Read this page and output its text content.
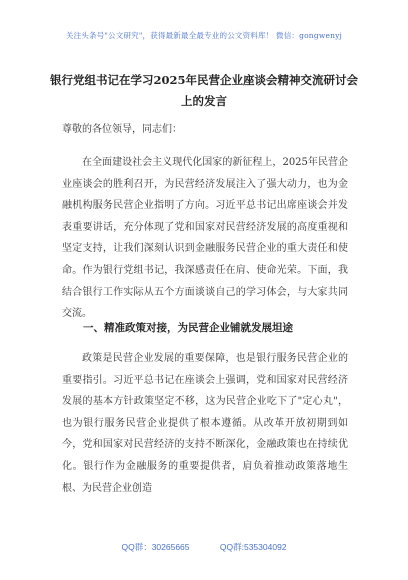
关注头条号"公文研究"，获得最新最全最专业的公文资料库！ 微信：gongwenyj
银行党组书记在学习2025年民营企业座谈会精神交流研讨会上的发言
尊敬的各位领导，同志们：

在全面建设社会主义现代化国家的新征程上，2025年民营企业座谈会的胜利召开，为民营经济发展注入了强大动力，也为金融机构服务民营企业指明了方向。习近平总书记出席座谈会并发表重要讲话，充分体现了党和国家对民营经济发展的高度重视和坚定支持，让我们深刻认识到金融服务民营企业的重大责任和使命。作为银行党组书记，我深感责任在肩、使命光荣。下面，我结合银行工作实际从五个方面谈谈自己的学习体会，与大家共同交流。

一、精准政策对接，为民营企业铺就发展坦途

政策是民营企业发展的重要保障，也是银行服务民营企业的重要指引。习近平总书记在座谈会上强调，党和国家对民营经济发展的基本方针政策坚定不移，这为民营企业吃下了"定心丸"，也为银行服务民营企业提供了根本遵循。从改革开放初期到如今，党和国家对民营经济的支持不断深化，金融政策也在持续优化。银行作为金融服务的重要提供者，肩负着推动政策落地生根、为民营企业创造

QQ群：30265665	QQ群:535304092
